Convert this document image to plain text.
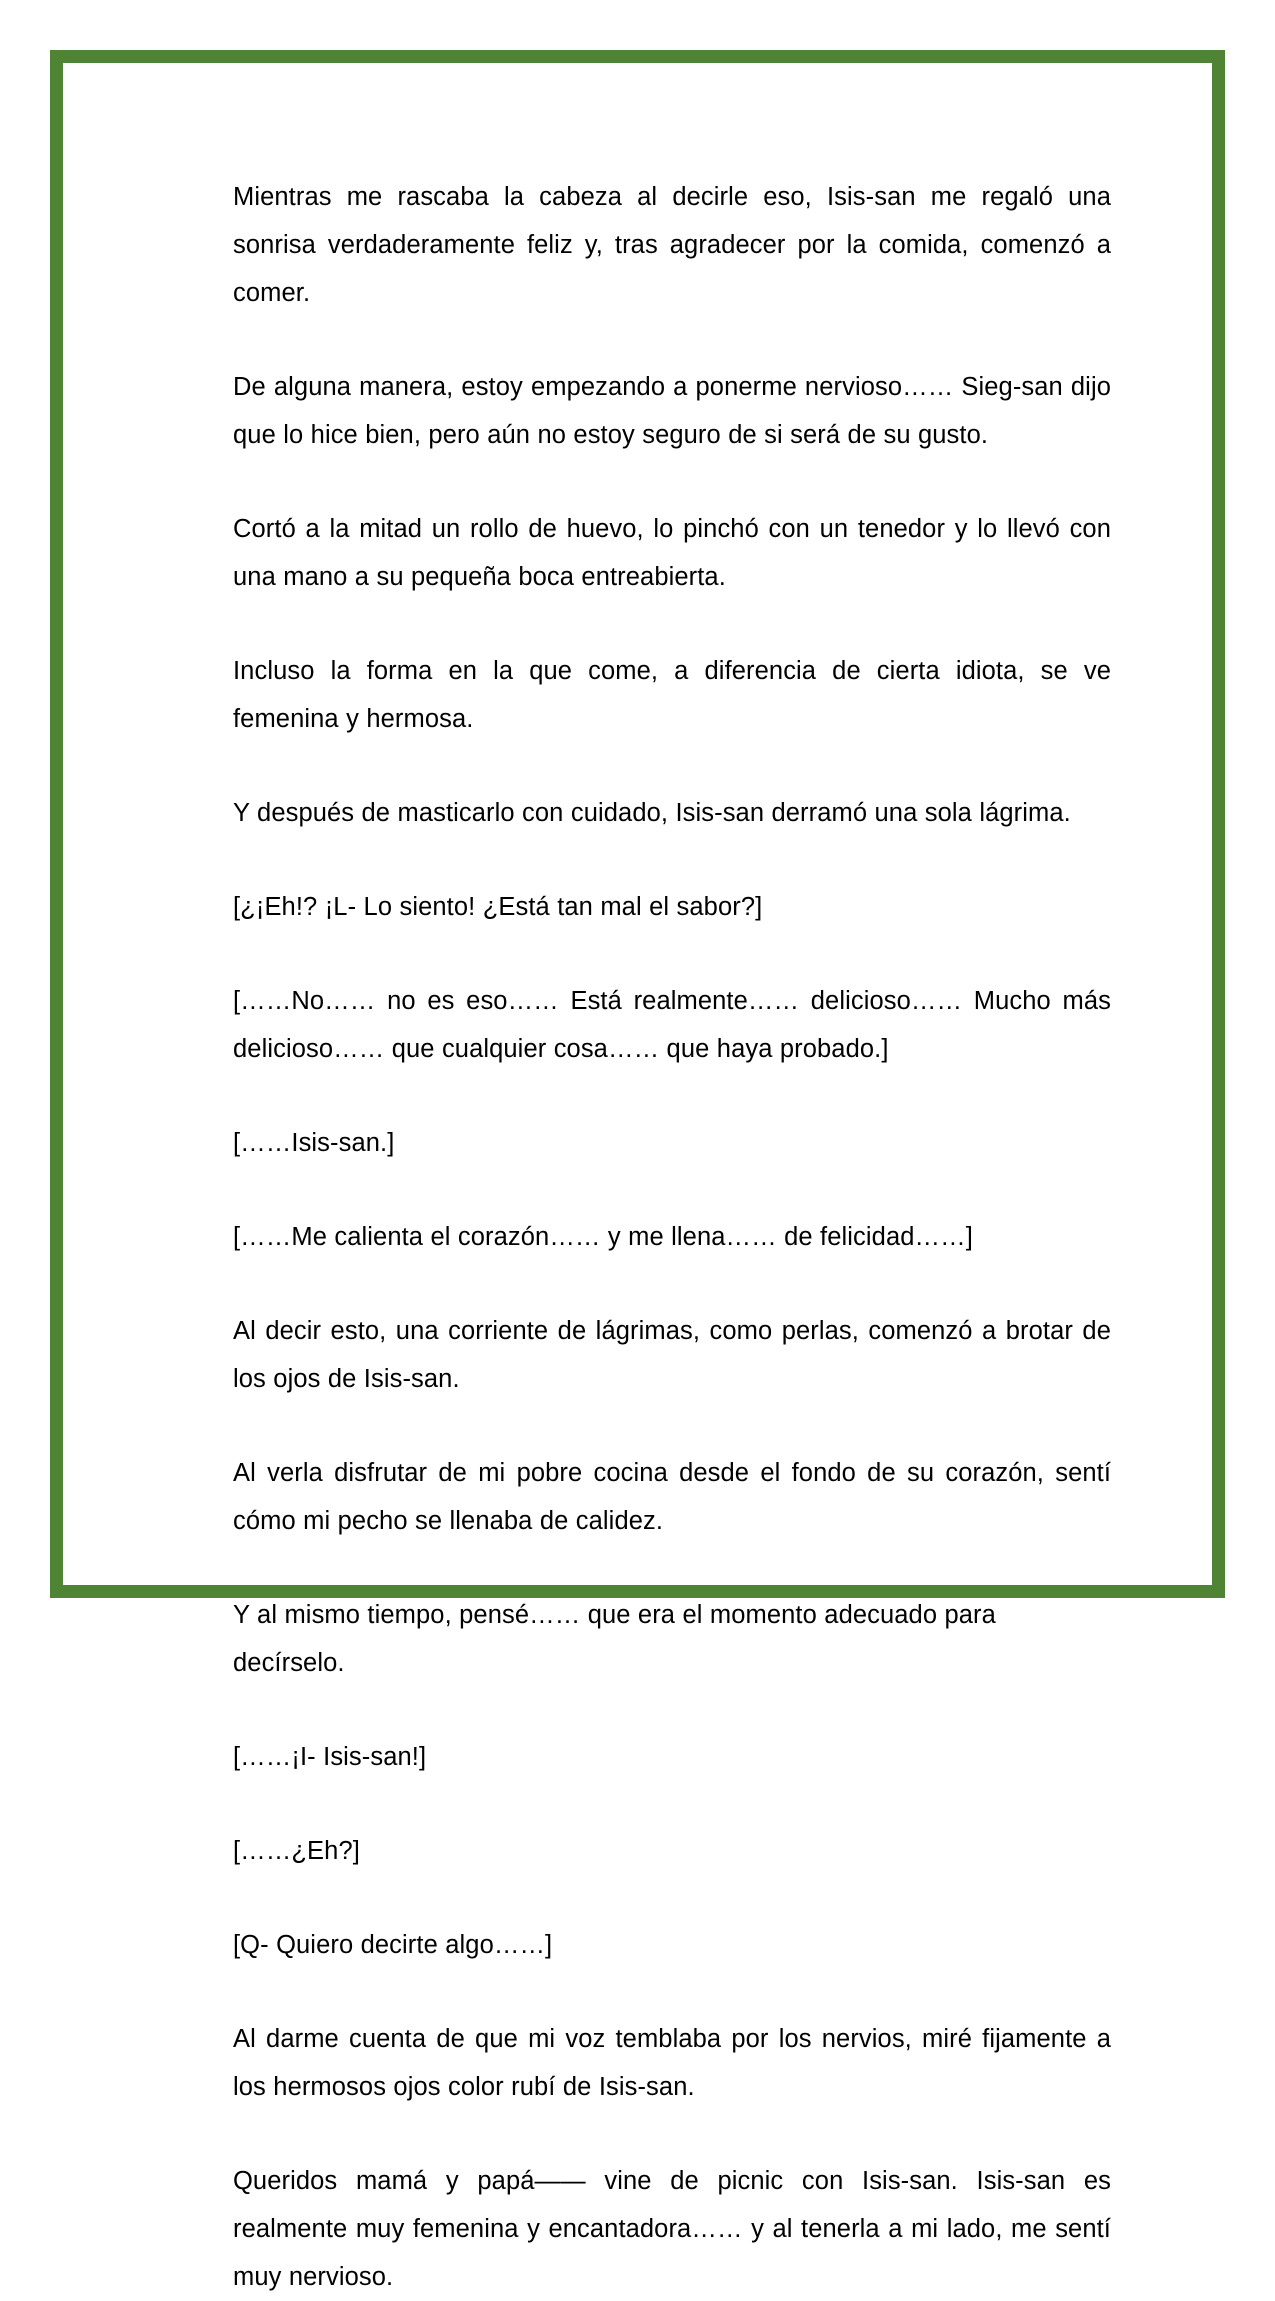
Mientras me rascaba la cabeza al decirle eso, Isis-san me regaló una sonrisa verdaderamente feliz y, tras agradecer por la comida, comenzó a comer.

De alguna manera, estoy empezando a ponerme nervioso…… Sieg-san dijo que lo hice bien, pero aún no estoy seguro de si será de su gusto.

Cortó a la mitad un rollo de huevo, lo pinchó con un tenedor y lo llevó con una mano a su pequeña boca entreabierta.

Incluso la forma en la que come, a diferencia de cierta idiota, se ve femenina y hermosa.

Y después de masticarlo con cuidado, Isis-san derramó una sola lágrima.

[¿¡Eh!? ¡L- Lo siento! ¿Está tan mal el sabor?]

[……No…… no es eso…… Está realmente…… delicioso…… Mucho más delicioso…… que cualquier cosa…… que haya probado.]

[……Isis-san.]

[……Me calienta el corazón…… y me llena…… de felicidad……]

Al decir esto, una corriente de lágrimas, como perlas, comenzó a brotar de los ojos de Isis-san.

Al verla disfrutar de mi pobre cocina desde el fondo de su corazón, sentí cómo mi pecho se llenaba de calidez.

Y al mismo tiempo, pensé…… que era el momento adecuado para decírselo.

[……¡I- Isis-san!]

[……¿Eh?]

[Q- Quiero decirte algo……]

Al darme cuenta de que mi voz temblaba por los nervios, miré fijamente a los hermosos ojos color rubí de Isis-san.

Queridos mamá y papá—— vine de picnic con Isis-san. Isis-san es realmente muy femenina y encantadora…… y al tenerla a mi lado, me sentí muy nervioso.
